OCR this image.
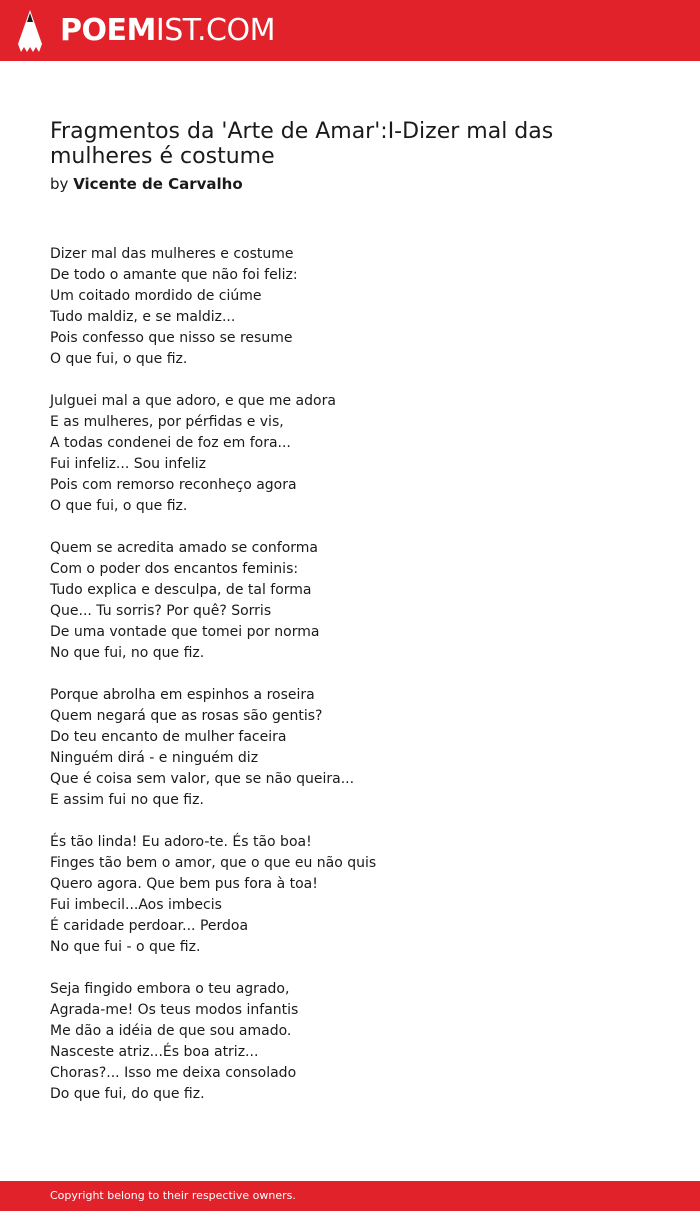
POEMIST.COM
Fragmentos da 'Arte de Amar':I-Dizer mal das mulheres é costume
by Vicente de Carvalho
Dizer mal das mulheres e costume
De todo o amante que não foi feliz:
Um coitado mordido de ciúme
Tudo maldiz, e se maldiz...
Pois confesso que nisso se resume
O que fui, o que fiz.
Julguei mal a que adoro, e que me adora
E as mulheres, por pérfidas e vis,
A todas condenei de foz em fora...
Fui infeliz... Sou infeliz
Pois com remorso reconheço agora
O que fui, o que fiz.
Quem se acredita amado se conforma
Com o poder dos encantos feminis:
Tudo explica e desculpa, de tal forma
Que... Tu sorris? Por quê? Sorris
De uma vontade que tomei por norma
No que fui, no que fiz.
Porque abrolha em espinhos a roseira
Quem negará que as rosas são gentis?
Do teu encanto de mulher faceira
Ninguém dirá - e ninguém diz
Que é coisa sem valor, que se não queira...
E assim fui no que fiz.
És tão linda! Eu adoro-te. És tão boa!
Finges tão bem o amor, que o que eu não quis
Quero agora. Que bem pus fora à toa!
Fui imbecil...Aos imbecis
É caridade perdoar... Perdoa
No que fui - o que fiz.
Seja fingido embora o teu agrado,
Agrada-me! Os teus modos infantis
Me dão a idéia de que sou amado.
Nasceste atriz...És boa atriz...
Choras?... Isso me deixa consolado
Do que fui, do que fiz.
Copyright belong to their respective owners.
